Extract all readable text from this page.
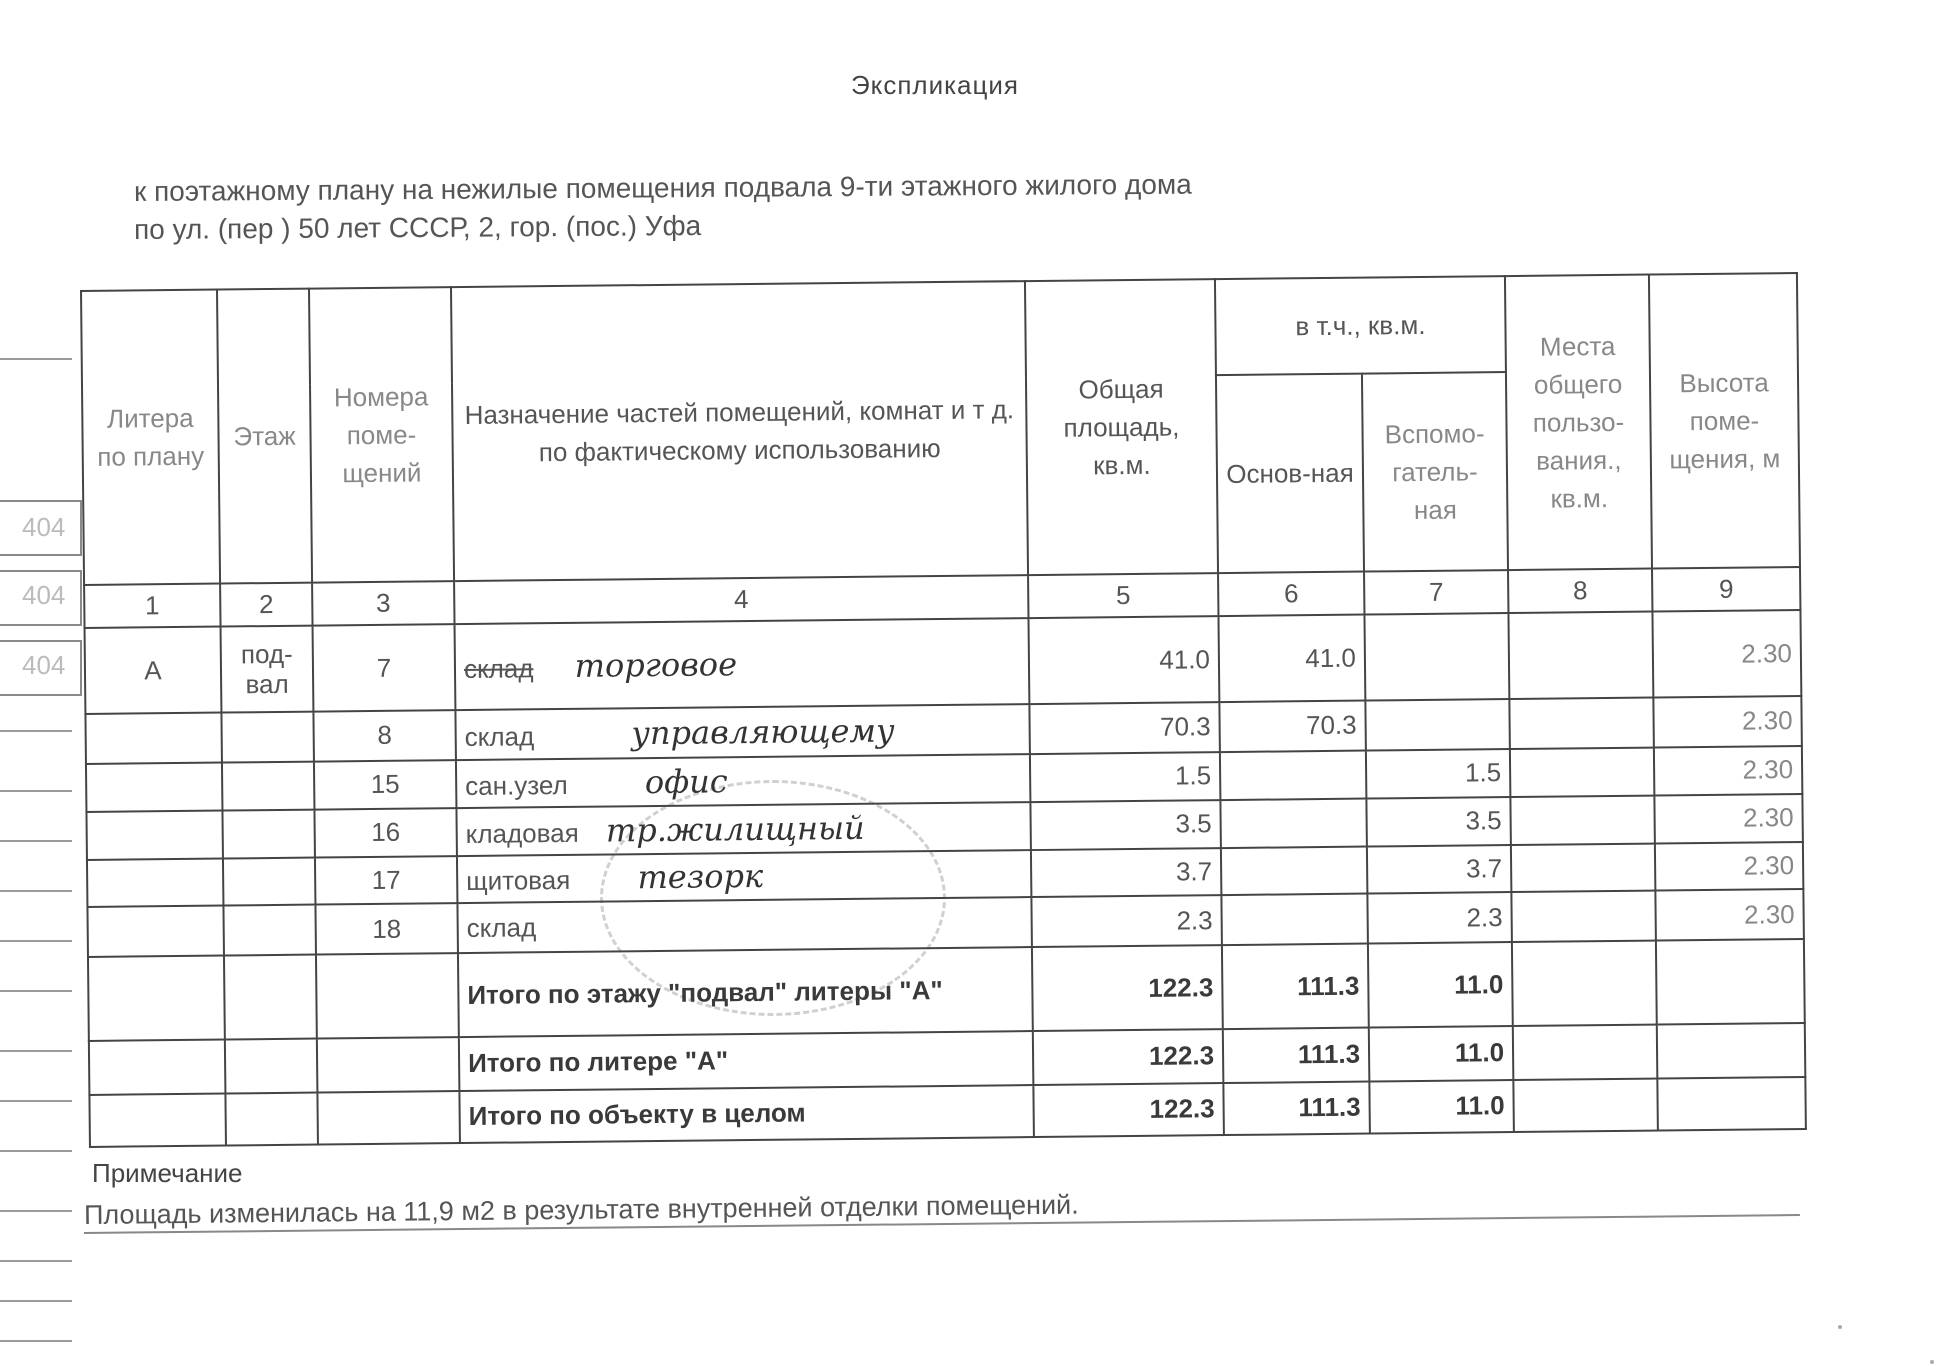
Экспликация
к поэтажному плану на нежилые помещения подвала 9-ти этажного жилого дома
по ул. (пер ) 50 лет СССР, 2, гор. (пос.) Уфа
404
404
404
Литера по плану	Этаж	Номера поме-щений	Назначение частей помещений, комнат и т д. по фактическому использованию	Общая площадь, кв.м.	в т.ч., кв.м.		Места общего пользо-вания., кв.м.	Высота поме-щения, м
					Основ-ная	Вспомо-гатель-ная		
1	2	3	4	5	6	7	8	9
А	под-вал	7	склад торговое	41.0	41.0			2.30
		8	склад управляющему	70.3	70.3			2.30
		15	сан.узел офис	1.5		1.5		2.30
		16	кладовая тр.жилищный	3.5		3.5		2.30
		17	щитовая тезорк	3.7		3.7		2.30
		18	склад	2.3		2.3		2.30
			Итого по этажу "подвал" литеры "А"	122.3	111.3	11.0		
			Итого по литере "А"	122.3	111.3	11.0		
			Итого по объекту в целом	122.3	111.3	11.0		
Примечание
Площадь изменилась на 11,9 м2 в результате внутренней отделки помещений.
